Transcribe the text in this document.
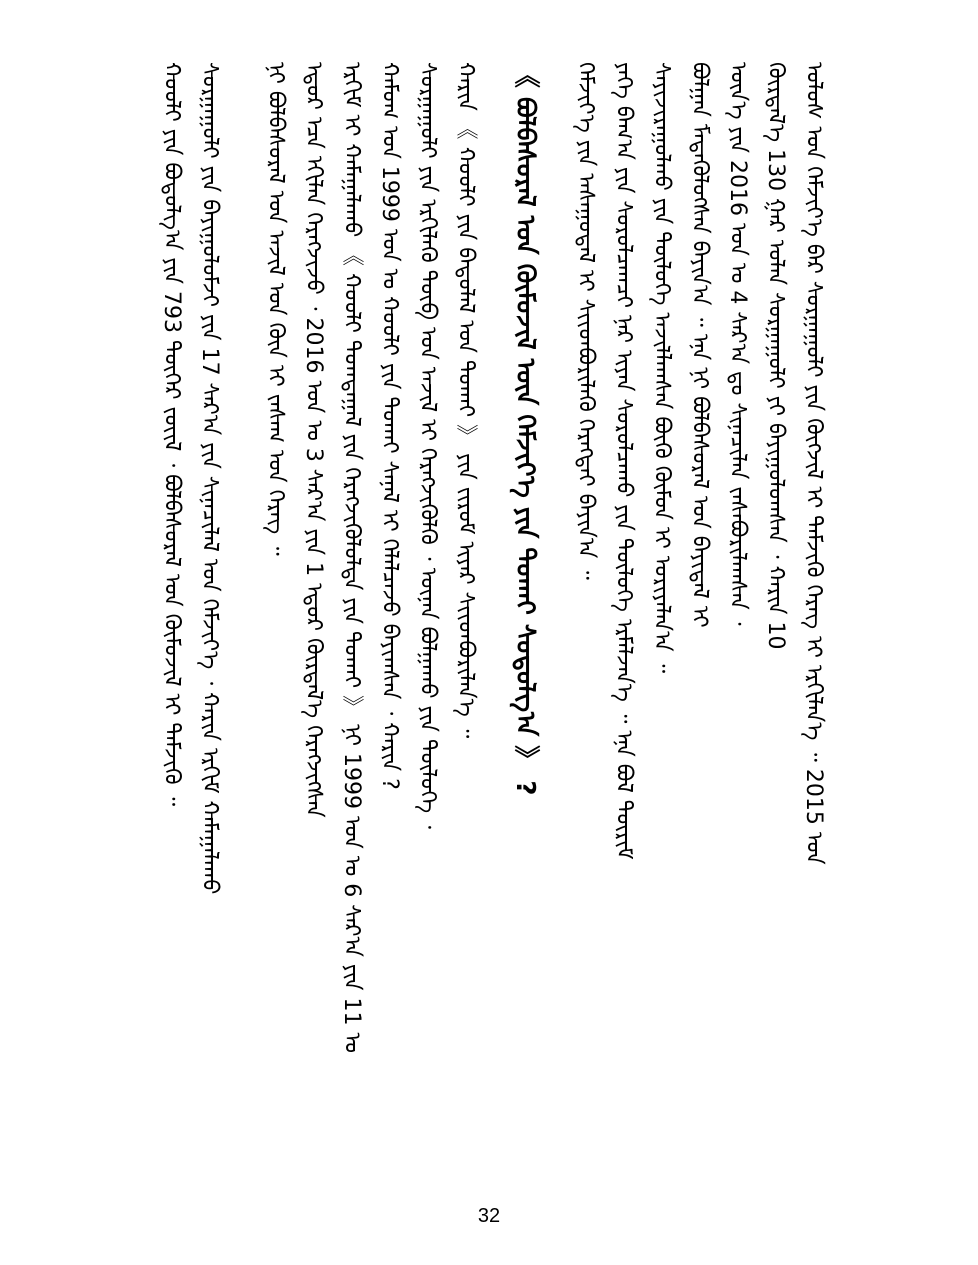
ᠤᠯᠤᠰ ᠤᠨ ᠬᠡᠮᠵᠢᠶ᠎ᠡ ᠪᠡᠷ ᠰᠤᠷᠭᠠᠭᠤᠯᠢ ᠶᠢᠨ ᠬᠥᠭᠵᠢᠯ ᠢ ᠳᠡᠮᠵᠢᠬᠦ ᠬᠡᠷᠡᠭ ᠢ ᠡᠷᠬᠢᠯᠡᠨ᠎ᠡ ᠃ 2015 ᠣᠨ
ᠬᠦᠷᠲᠡᠯ᠎ᠡ 130 ᠭᠠᠷ ᠤᠯᠠᠨ ᠰᠤᠷᠭᠠᠭᠤᠯᠢ ᠶᠢ ᠪᠠᠶᠢᠭᠤᠯᠤᠭᠰᠠᠨ ᠂ ᠬᠠᠷᠢᠨ 10
ᠦᠨ᠎ᠡ ᠶᠢᠨ 2016 ᠣᠨ ᠤ 4 ᠰᠠᠷ᠎ᠠ ᠳᠤ ᠰᠢᠨᠡᠴᠢᠯᠡᠨ ᠵᠠᠰᠠᠪᠤᠷᠢᠯᠠᠭᠰᠠᠨ ᠂
ᠪᠣᠯᠭᠠᠨ ᠮᠡᠳᠡᠭᠦᠯᠦᠭᠰᠡᠨ ᠪᠠᠶᠢᠨ᠎ᠠ ᠃ ᠡᠨᠡ ᠨᠢ ᠪᠣᠯᠪᠠᠰᠤᠷᠠᠯ ᠤᠨ ᠪᠠᠶᠢᠳᠠᠯ ᠢ
ᠰᠠᠶᠢᠵᠢᠷᠠᠭᠤᠯᠬᠤ ᠶᠢᠨ ᠲᠦᠯᠦᠭᠡ ᠠᠵᠢᠯᠯᠠᠭᠰᠠᠨ ᠪᠦᠬᠦ ᠬᠦᠮᠦᠨ ᠢ ᠤᠷᠢᠶᠠᠯᠠᠨ᠎ᠠ ᠃
ᠶᠡᠬᠡ ᠪᠠᠭ᠎ᠠ ᠶᠢᠨ ᠰᠤᠷᠤᠯᠴᠠᠭᠴᠢ ᠨᠠᠷ ᠢᠶᠠᠨ ᠰᠤᠷᠤᠯᠴᠠᠬᠤ ᠶᠢᠨ ᠲᠥᠯᠦᠭᠡ ᠡᠷᠮᠡᠯᠵᠡᠨ᠎ᠡ ᠃ ᠡᠨᠡ ᠪᠣᠯ ᠳᠦᠷᠢᠮ
ᠬᠡᠮᠵᠢᠶ᠎ᠡ ᠶᠢᠨ ᠠᠰᠠᠭᠤᠳᠠᠯ ᠢ ᠰᠢᠢᠳᠪᠦᠷᠢᠯᠡᠬᠦ ᠬᠡᠷᠡᠭᠲᠡᠢ ᠪᠠᠶᠢᠨ᠎ᠠ ᠃
《 ᠪᠣᠯᠪᠠᠰᠤᠷᠠᠯ ᠤᠨ ᠬᠦᠮᠦᠵᠢᠯ ᠦᠨ ᠬᠡᠮᠵᠢᠶ᠎ᠡ ᠶᠢᠨ ᠲᠤᠬᠠᠢ ᠰᠤᠳᠤᠯᠭ᠎ᠠ 》 ?
ᠬᠠᠷᠢᠨ 《 ᠬᠤᠤᠯᠢ ᠶᠢᠨ ᠪᠠᠲᠤᠯᠠᠯ ᠤᠨ ᠲᠤᠬᠠᠢ 》 ᠶᠢᠨ ᠵᠢᠷᠤᠮ ᠢᠶᠠᠷ ᠰᠢᠢᠳᠪᠦᠷᠢᠯᠡᠨ᠎ᠡ ᠃
ᠰᠤᠷᠭᠠᠭᠤᠯᠢ ᠶᠢᠨ ᠡᠷᠬᠢᠯᠡᠬᠦ ᠲᠥᠪ ᠤᠨ ᠠᠵᠢᠯ ᠢ ᠬᠡᠷᠡᠭᠵᠢᠭᠦᠯᠬᠦ ᠂ ᠦᠨᠡᠨ ᠪᠣᠯᠭᠠᠬᠤ ᠶᠢᠨ ᠲᠥᠯᠦᠭᠡ ᠂
ᠬᠠᠮᠤᠭ ᠤᠨ 1999 ᠣᠨ ᠤ ᠬᠤᠤᠯᠢ ᠶᠢᠨ ᠲᠤᠬᠠᠢ ᠰᠠᠨᠠᠯ ᠢ ᠬᠡᠯᠡᠯᠴᠡᠵᠦ ᠪᠠᠶᠢᠭᠰᠠᠨ ᠂ ᠬᠠᠷᠢᠨ ?
ᠡᠷᠬᠢᠮ ᠢ ᠬᠠᠮᠠᠭᠠᠯᠠᠬᠤ 《 ᠬᠤᠤᠯᠢ ᠲᠣᠭᠲᠠᠭᠠᠯ ᠶᠢᠨ ᠬᠡᠷᠡᠭᠵᠢᠭᠦᠯᠦᠯᠲᠡ ᠶᠢᠨ ᠲᠤᠬᠠᠢ 》 ᠨᠢ 1999 ᠣᠨ ᠤ 6 ᠰᠠᠷ᠎ᠠ ᠶᠢᠨ 11 ᠤ
ᠡᠳᠦᠷ ᠡᠴᠡ ᠡᠬᠢᠯᠡᠨ ᠬᠡᠷᠡᠭᠵᠢᠵᠦ ᠂ 2016 ᠣᠨ ᠤ 3 ᠰᠠᠷ᠎ᠠ ᠶᠢᠨ 1 ᠡᠳᠦᠷ ᠬᠦᠷᠲᠡᠯ᠎ᠡ ᠬᠡᠷᠡᠭᠵᠢᠭᠰᠡᠨ
ᠨᠢ ᠪᠣᠯᠪᠠᠰᠤᠷᠠᠯ ᠤᠨ ᠠᠵᠢᠯ ᠤᠨ ᠬᠦᠨ ᠢ ᠵᠠᠰᠠᠭ ᠤᠨ ᠬᠡᠷᠡᠭ ᠃
ᠰᠤᠷᠭᠠᠭᠤᠯᠢ ᠶᠢᠨ ᠪᠠᠶᠢᠭᠤᠯᠤᠮᠵᠢ ᠶᠢᠨ 17 ᠰᠠᠷ᠎ᠠ ᠶᠢᠨ ᠰᠢᠨᠡᠴᠢᠯᠡᠯ ᠤᠨ ᠬᠡᠮᠵᠢᠶ᠎ᠡ ᠂ ᠬᠠᠷᠢᠨ ᠡᠷᠬᠢᠮ ᠬᠠᠮᠠᠭᠠᠯᠠᠬᠤ
ᠬᠤᠤᠯᠢ ᠶᠢᠨ ᠪᠣᠳᠣᠯᠭ᠎ᠠ ᠶᠢᠨ 793 ᠳᠦᠭᠡᠷ ᠵᠦᠢᠯ ᠂ ᠪᠣᠯᠪᠠᠰᠤᠷᠠᠯ ᠤᠨ ᠬᠦᠮᠦᠵᠢᠯ ᠢ ᠳᠡᠮᠵᠢᠬᠦ ᠃
32
